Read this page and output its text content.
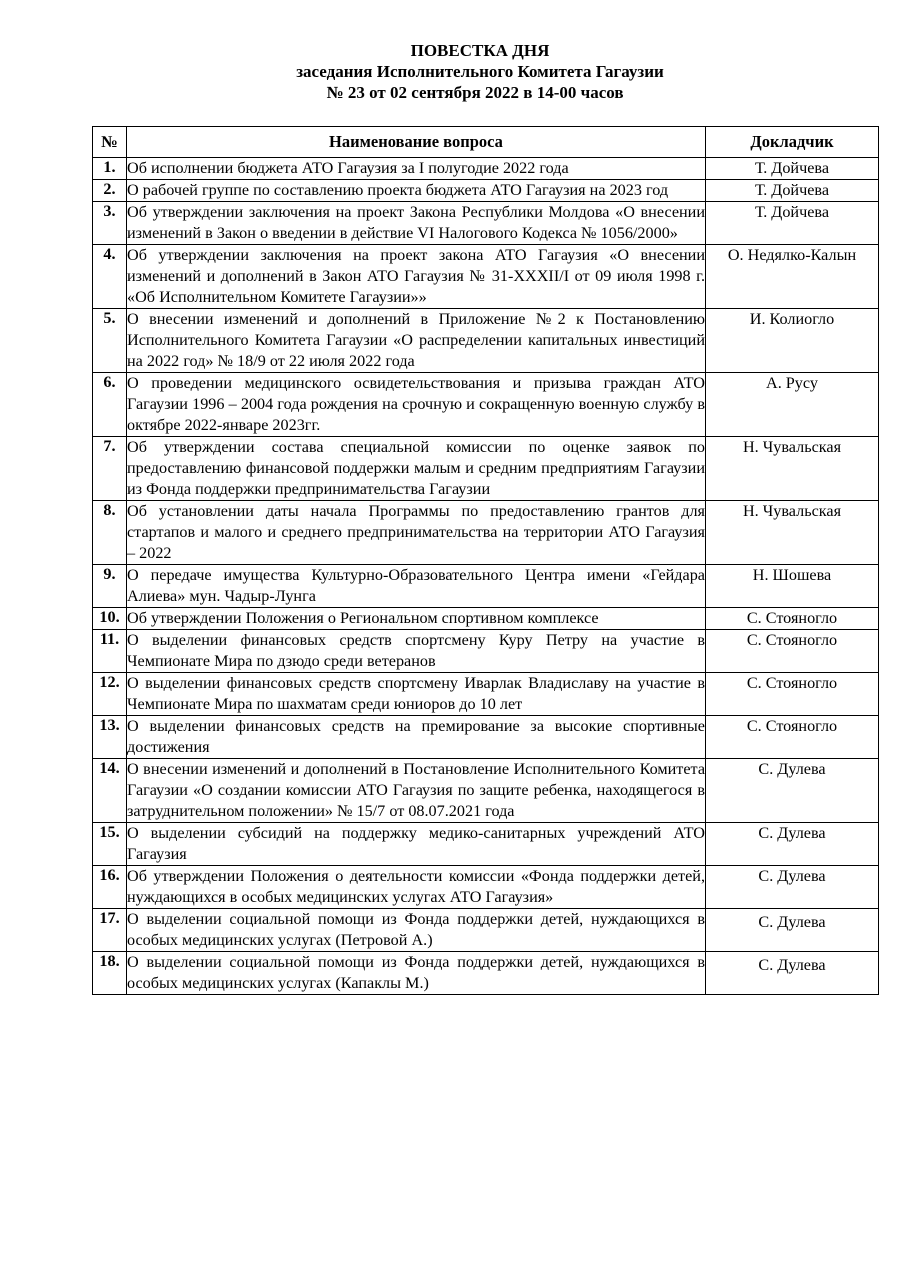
ПОВЕСТКА ДНЯ
заседания Исполнительного Комитета Гагаузии
№ 23 от 02 сентября 2022 в 14-00 часов
№	Наименование вопроса	Докладчик
1.	Об исполнении бюджета АТО Гагаузия за I полугодие 2022 года	Т. Дойчева
2.	О рабочей группе по составлению проекта бюджета АТО Гагаузия на 2023 год	Т. Дойчева
3.	Об утверждении заключения на проект Закона Республики Молдова «О внесении изменений в Закон о введении в действие VI Налогового Кодекса № 1056/2000»	Т. Дойчева
4.	Об утверждении заключения на проект закона АТО Гагаузия «О внесении изменений и дополнений в Закон АТО Гагаузия № 31-XXXII/I от 09 июля 1998 г. «Об Исполнительном Комитете Гагаузии»»	О. Недялко-Калын
5.	О внесении изменений и дополнений в Приложение №2 к Постановлению Исполнительного Комитета Гагаузии «О распределении капитальных инвестиций на 2022 год» № 18/9 от 22 июля 2022 года	И. Колиогло
6.	О проведении медицинского освидетельствования и призыва граждан АТО Гагаузии 1996 – 2004 года рождения на срочную и сокращенную военную службу в октябре 2022-январе 2023гг.	А. Русу
7.	Об утверждении состава специальной комиссии по оценке заявок по предоставлению финансовой поддержки малым и средним предприятиям Гагаузии из Фонда поддержки предпринимательства Гагаузии	Н. Чувальская
8.	Об установлении даты начала Программы по предоставлению грантов для стартапов и малого и среднего предпринимательства на территории АТО Гагаузия – 2022	Н. Чувальская
9.	О передаче имущества Культурно-Образовательного Центра имени «Гейдара Алиева» мун. Чадыр-Лунга	Н. Шошева
10.	Об утверждении Положения о Региональном спортивном комплексе	С. Стояногло
11.	О выделении финансовых средств спортсмену Куру Петру на участие в Чемпионате Мира по дзюдо среди ветеранов	С. Стояногло
12.	О выделении финансовых средств спортсмену Иварлак Владиславу на участие в Чемпионате Мира по шахматам среди юниоров до 10 лет	С. Стояногло
13.	О выделении финансовых средств на премирование за высокие спортивные достижения	С. Стояногло
14.	О внесении изменений и дополнений в Постановление Исполнительного Комитета Гагаузии «О создании комиссии АТО Гагаузия по защите ребенка, находящегося в затруднительном положении» № 15/7 от 08.07.2021 года	С. Дулева
15.	О выделении субсидий на поддержку медико-санитарных учреждений АТО Гагаузия	С. Дулева
16.	Об утверждении Положения о деятельности комиссии «Фонда поддержки детей, нуждающихся в особых медицинских услугах АТО Гагаузия»	С. Дулева
17.	О выделении социальной помощи из Фонда поддержки детей, нуждающихся в особых медицинских услугах (Петровой А.)	С. Дулева
18.	О выделении социальной помощи из Фонда поддержки детей, нуждающихся в особых медицинских услугах (Капаклы М.)	С. Дулева
